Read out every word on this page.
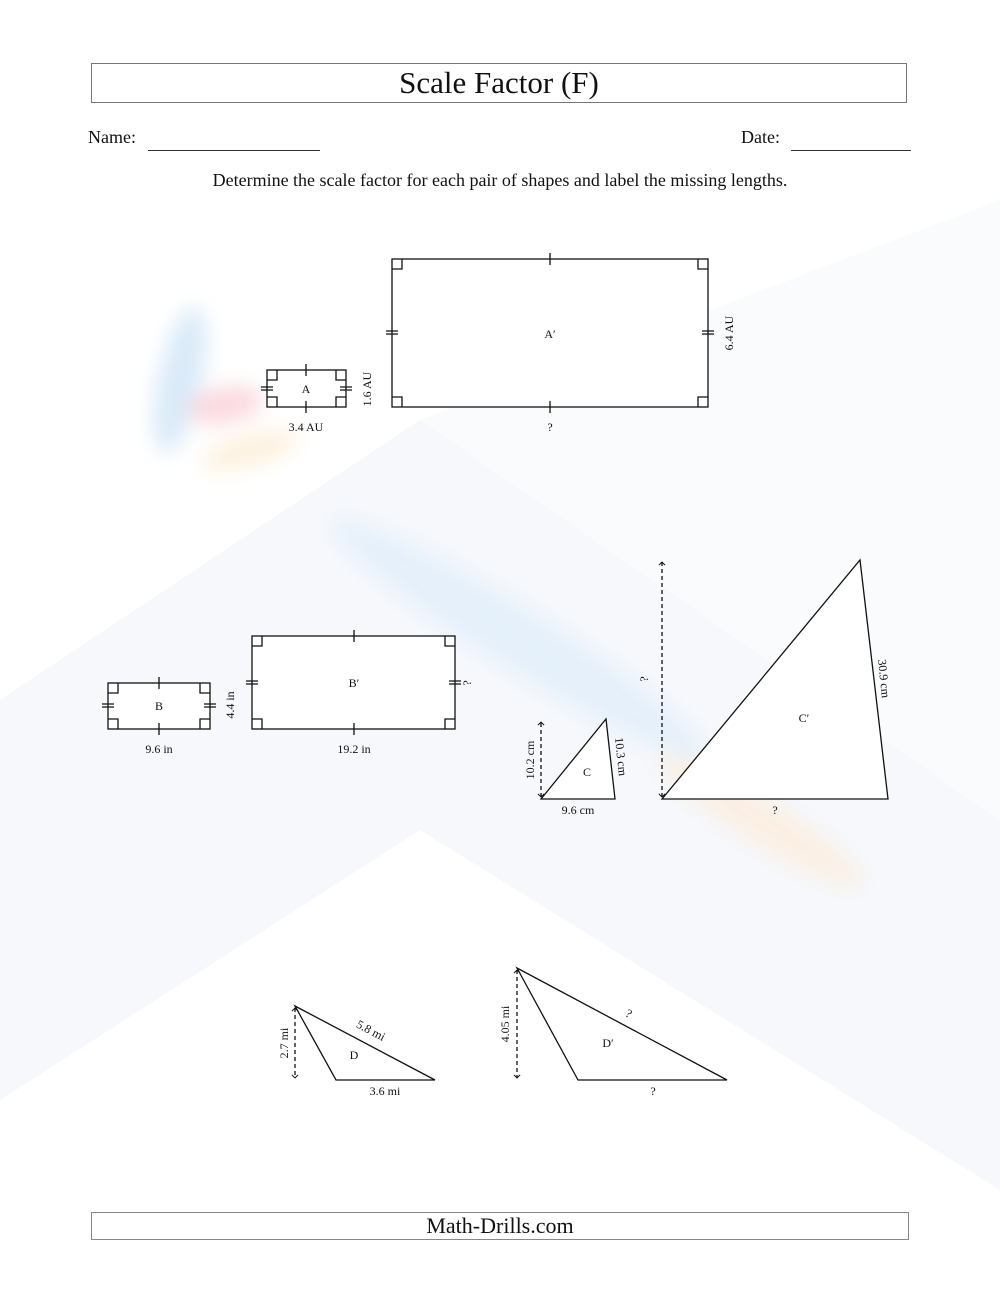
Scale Factor (F)
Name:	Date:
Determine the scale factor for each pair of shapes and label the missing lengths.
A
3.4 AU
1.6 AU
A′
?
6.4 AU
B
9.6 in
4.4 in
B′
19.2 in
?
C
9.6 cm
10.2 cm	10.3 cm
C′
?
?	30.9 cm
D
3.6 mi
2.7 mi	5.8 mi	D′
?
4.05 mi	?
Math-Drills.com
